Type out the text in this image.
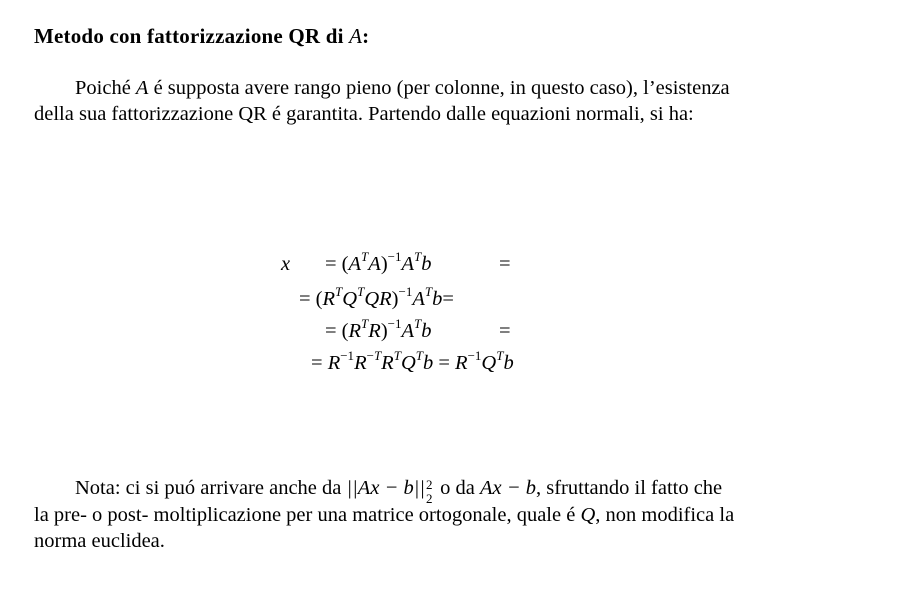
Metodo con fattorizzazione QR di A:
Poiché A é supposta avere rango pieno (per colonne, in questo caso), l’esistenza
della sua fattorizzazione QR é garantita. Partendo dalle equazioni normali, si ha:
$x = (A^TA)^{-1}A^Tb$	=
= $(R^TQ^TQR)^{-1}A^Tb=$
= $(R^TR)^{-1}A^Tb$	=
= $R^{-1}R^{-T}R^TQ^Tb = R^{-1}Q^Tb$
Nota: ci si puó arrivare anche da ||Ax − b|| 2
2 o da Ax − b, sfruttando il fatto che
la pre- o post- moltiplicazione per una matrice ortogonale, quale é Q, non modifica la
norma euclidea.
